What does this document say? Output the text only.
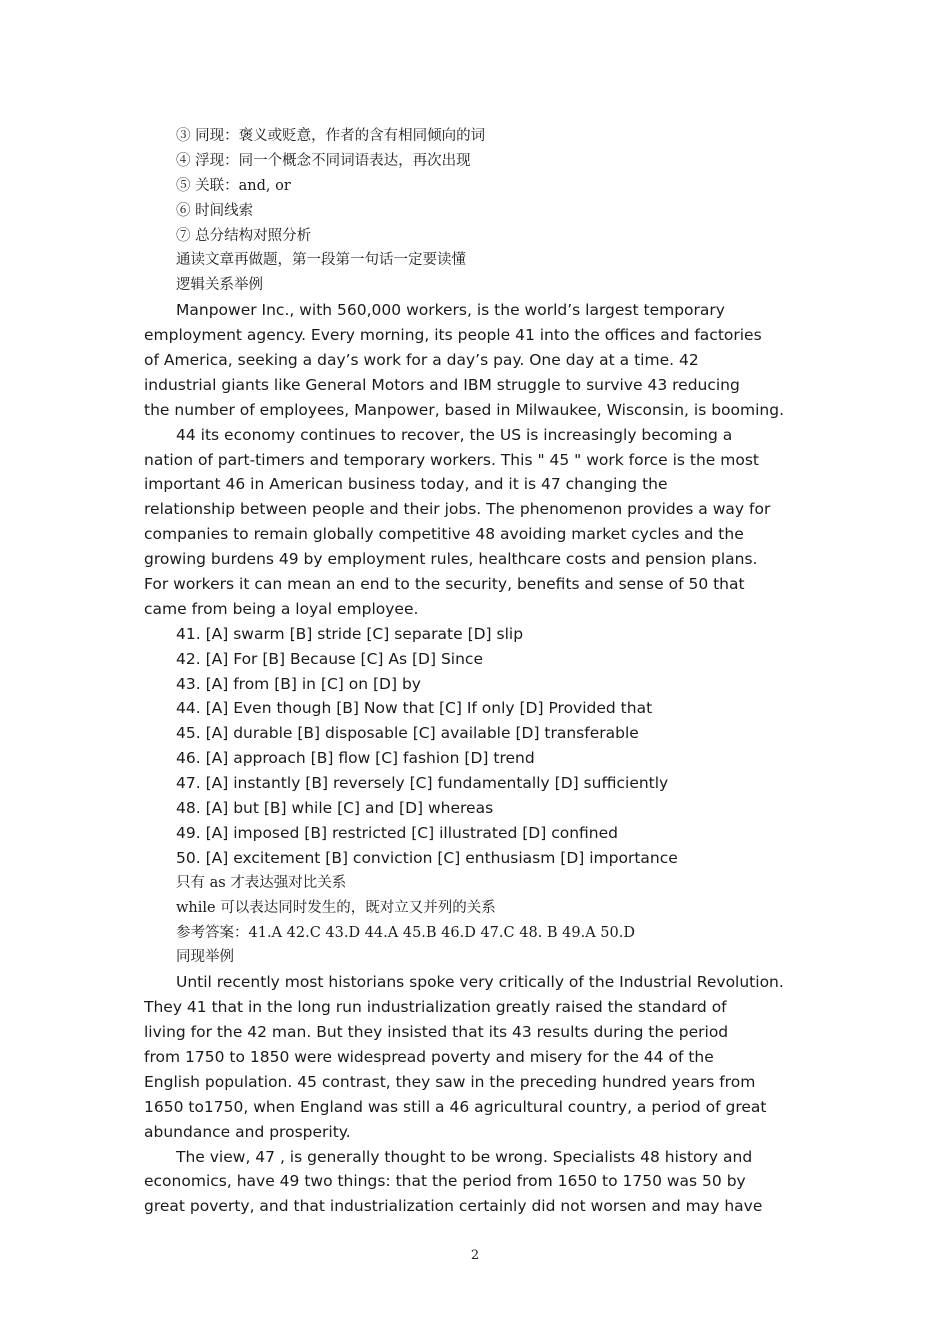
③ 同现：褒义或贬意，作者的含有相同倾向的词
④ 浮现：同一个概念不同词语表达，再次出现
⑤ 关联：and, or
⑥ 时间线索
⑦ 总分结构对照分析
通读文章再做题，第一段第一句话一定要读懂
逻辑关系举例
Manpower Inc., with 560,000 workers, is the world’s largest temporary
employment agency. Every morning, its people 41 into the offices and factories
of America, seeking a day’s work for a day’s pay. One day at a time. 42
industrial giants like General Motors and IBM struggle to survive 43 reducing
the number of employees, Manpower, based in Milwaukee, Wisconsin, is booming.
44 its economy continues to recover, the US is increasingly becoming a
nation of part-timers and temporary workers. This " 45 " work force is the most
important 46 in American business today, and it is 47 changing the
relationship between people and their jobs. The phenomenon provides a way for
companies to remain globally competitive 48 avoiding market cycles and the
growing burdens 49 by employment rules, healthcare costs and pension plans.
For workers it can mean an end to the security, benefits and sense of 50 that
came from being a loyal employee.
41. [A] swarm [B] stride [C] separate [D] slip
42. [A] For [B] Because [C] As [D] Since
43. [A] from [B] in [C] on [D] by
44. [A] Even though [B] Now that [C] If only [D] Provided that
45. [A] durable [B] disposable [C] available [D] transferable
46. [A] approach [B] flow [C] fashion [D] trend
47. [A] instantly [B] reversely [C] fundamentally [D] sufficiently
48. [A] but [B] while [C] and [D] whereas
49. [A] imposed [B] restricted [C] illustrated [D] confined
50. [A] excitement [B] conviction [C] enthusiasm [D] importance
只有 as 才表达强对比关系
while 可以表达同时发生的，既对立又并列的关系
参考答案：41.A 42.C 43.D 44.A 45.B 46.D 47.C 48. B 49.A 50.D
同现举例
Until recently most historians spoke very critically of the Industrial Revolution.
They 41 that in the long run industrialization greatly raised the standard of
living for the 42 man. But they insisted that its 43 results during the period
from 1750 to 1850 were widespread poverty and misery for the 44 of the
English population. 45 contrast, they saw in the preceding hundred years from
1650 to1750, when England was still a 46 agricultural country, a period of great
abundance and prosperity.
The view, 47 , is generally thought to be wrong. Specialists 48 history and
economics, have 49 two things: that the period from 1650 to 1750 was 50 by
great poverty, and that industrialization certainly did not worsen and may have
2
